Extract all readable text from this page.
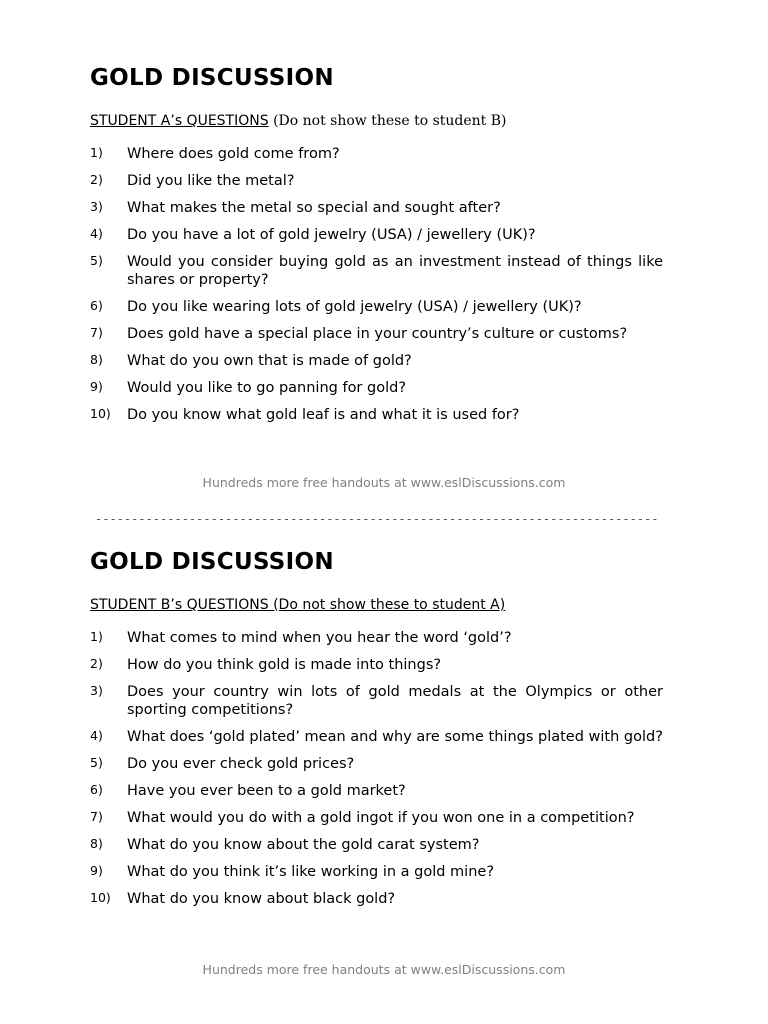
GOLD DISCUSSION
STUDENT A’s QUESTIONS (Do not show these to student B)
1)	Where does gold come from?
2)	Did you like the metal?
3)	What makes the metal so special and sought after?
4)	Do you have a lot of gold jewelry (USA) / jewellery (UK)?
5)	Would you consider buying gold as an investment instead of things like shares or property?
6)	Do you like wearing lots of gold jewelry (USA) / jewellery (UK)?
7)	Does gold have a special place in your country’s culture or customs?
8)	What do you own that is made of gold?
9)	Would you like to go panning for gold?
10)	Do you know what gold leaf is and what it is used for?
Hundreds more free handouts at www.eslDiscussions.com
------------------------------------------------------------------------------
GOLD DISCUSSION
STUDENT B’s QUESTIONS (Do not show these to student A)
1)	What comes to mind when you hear the word ‘gold’?
2)	How do you think gold is made into things?
3)	Does your country win lots of gold medals at the Olympics or other sporting competitions?
4)	What does ‘gold plated’ mean and why are some things plated with gold?
5)	Do you ever check gold prices?
6)	Have you ever been to a gold market?
7)	What would you do with a gold ingot if you won one in a competition?
8)	What do you know about the gold carat system?
9)	What do you think it’s like working in a gold mine?
10)	What do you know about black gold?
Hundreds more free handouts at www.eslDiscussions.com
